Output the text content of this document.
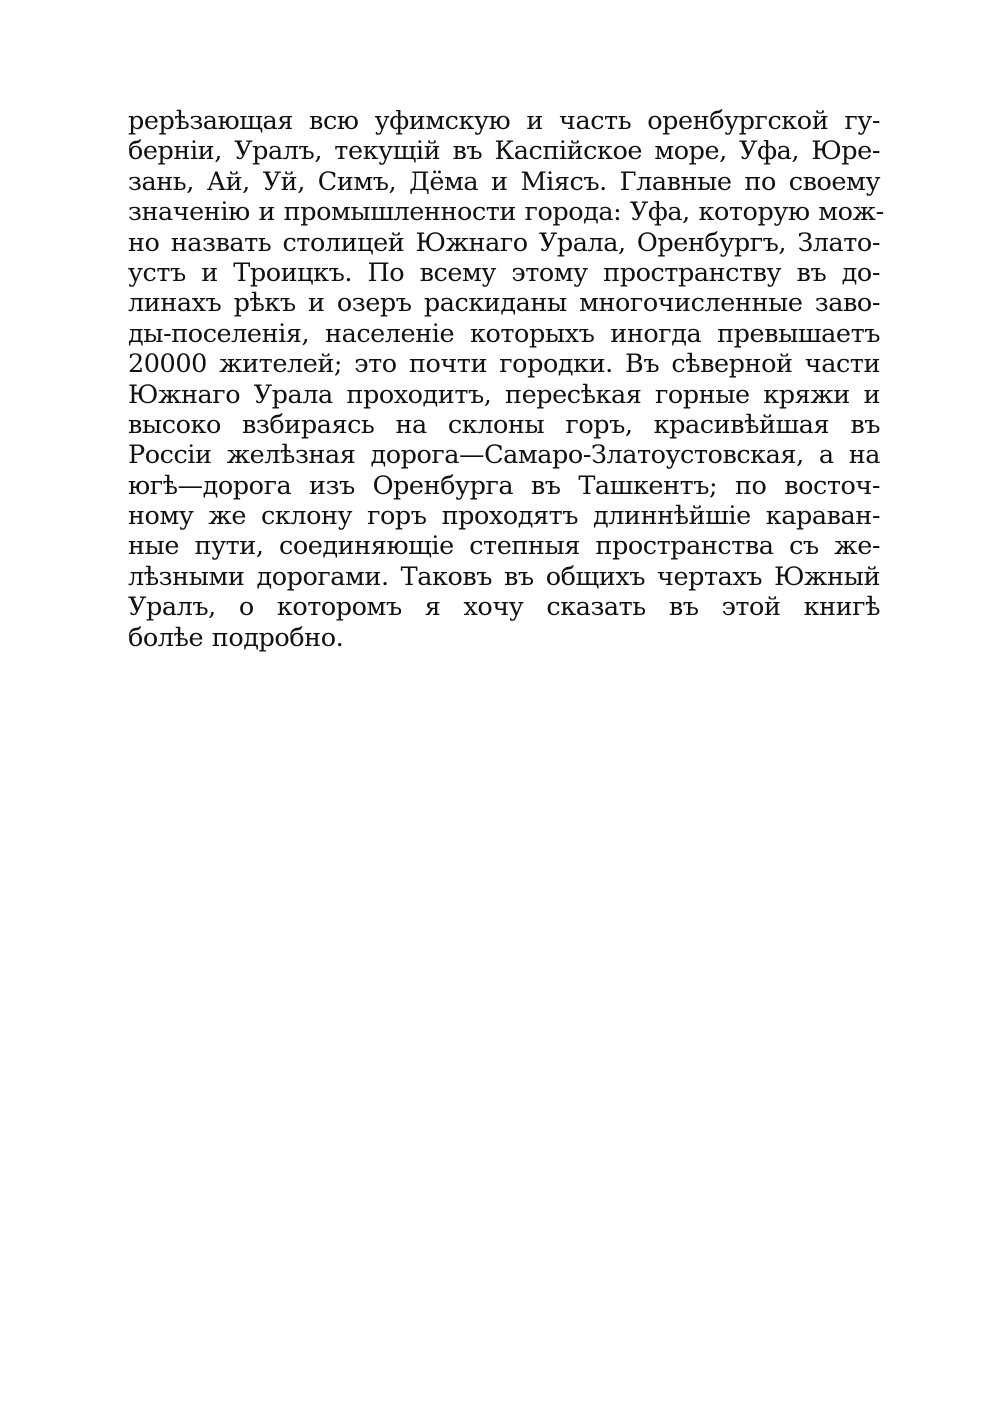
рерѣзающая всю уфимскую и часть оренбургской гу-
берніи, Уралъ, текущій въ Каспійское море, Уфа, Юре-
зань, Ай, Уй, Симъ, Дёма и Міясъ. Главные по своему
значенію и промышленности города: Уфа, которую мож-
но назвать столицей Южнаго Урала, Оренбургъ, Злато-
устъ и Троицкъ. По всему этому пространству въ до-
линахъ рѣкъ и озеръ раскиданы многочисленные заво-
ды-поселенія, населеніе которыхъ иногда превышаетъ
20000 жителей; это почти городки. Въ сѣверной части
Южнаго Урала проходитъ, пересѣкая горные кряжи и
высоко взбираясь на склоны горъ, красивѣйшая въ
Россіи желѣзная дорога—Самаро-Златоустовская, а на
югѣ—дорога изъ Оренбурга въ Ташкентъ; по восточ-
ному же склону горъ проходятъ длиннѣйшіе караван-
ные пути, соединяющіе степныя пространства съ же-
лѣзными дорогами. Таковъ въ общихъ чертахъ Южный
Уралъ, о которомъ я хочу сказать въ этой книгѣ
болѣе подробно.
